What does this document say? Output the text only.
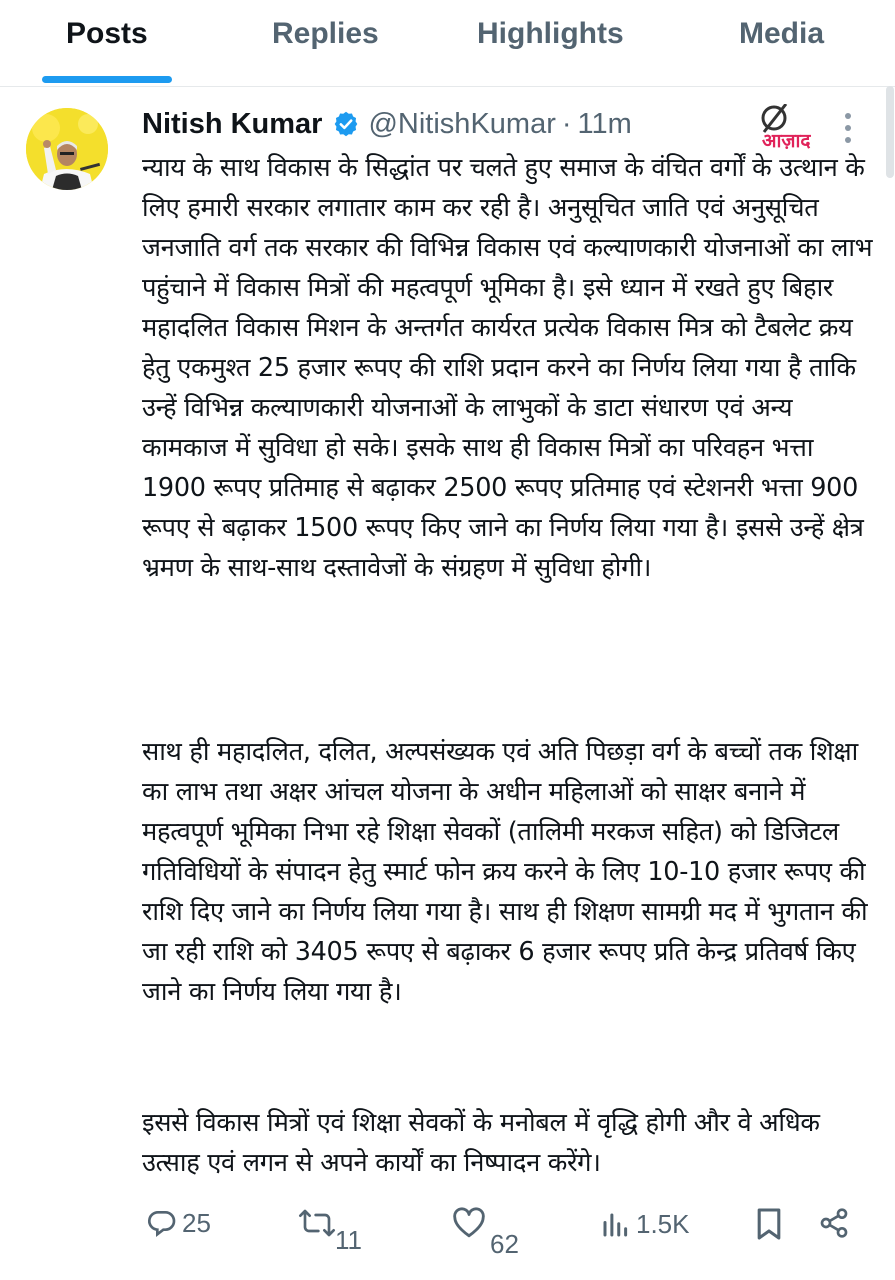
Posts	Replies	Highlights	Media
Nitish Kumar @NitishKumar · 11m
आज़ाद

न्याय के साथ विकास के सिद्धांत पर चलते हुए समाज के वंचित वर्गों के उत्थान के लिए हमारी सरकार लगातार काम कर रही है। अनुसूचित जाति एवं अनुसूचित जनजाति वर्ग तक सरकार की विभिन्न विकास एवं कल्याणकारी योजनाओं का लाभ पहुंचाने में विकास मित्रों की महत्वपूर्ण भूमिका है। इसे ध्यान में रखते हुए बिहार महादलित विकास मिशन के अन्तर्गत कार्यरत प्रत्येक विकास मित्र को टैबलेट क्रय हेतु एकमुश्त 25 हजार रूपए की राशि प्रदान करने का निर्णय लिया गया है ताकि उन्हें विभिन्न कल्याणकारी योजनाओं के लाभुकों के डाटा संधारण एवं अन्य कामकाज में सुविधा हो सके। इसके साथ ही विकास मित्रों का परिवहन भत्ता 1900 रूपए प्रतिमाह से बढ़ाकर 2500 रूपए प्रतिमाह एवं स्टेशनरी भत्ता 900 रूपए से बढ़ाकर 1500 रूपए किए जाने का निर्णय लिया गया है। इससे उन्हें क्षेत्र भ्रमण के साथ-साथ दस्तावेजों के संग्रहण में सुविधा होगी।

साथ ही महादलित, दलित, अल्पसंख्यक एवं अति पिछड़ा वर्ग के बच्चों तक शिक्षा का लाभ तथा अक्षर आंचल योजना के अधीन महिलाओं को साक्षर बनाने में महत्वपूर्ण भूमिका निभा रहे शिक्षा सेवकों (तालिमी मरकज सहित) को डिजिटल गतिविधियों के संपादन हेतु स्मार्ट फोन क्रय करने के लिए 10-10 हजार रूपए की राशि दिए जाने का निर्णय लिया गया है। साथ ही शिक्षण सामग्री मद में भुगतान की जा रही राशि को 3405 रूपए से बढ़ाकर 6 हजार रूपए प्रति केन्द्र प्रतिवर्ष किए जाने का निर्णय लिया गया है।

इससे विकास मित्रों एवं शिक्षा सेवकों के मनोबल में वृद्धि होगी और वे अधिक उत्साह एवं लगन से अपने कार्यों का निष्पादन करेंगे।

25
11	62
1.5K
